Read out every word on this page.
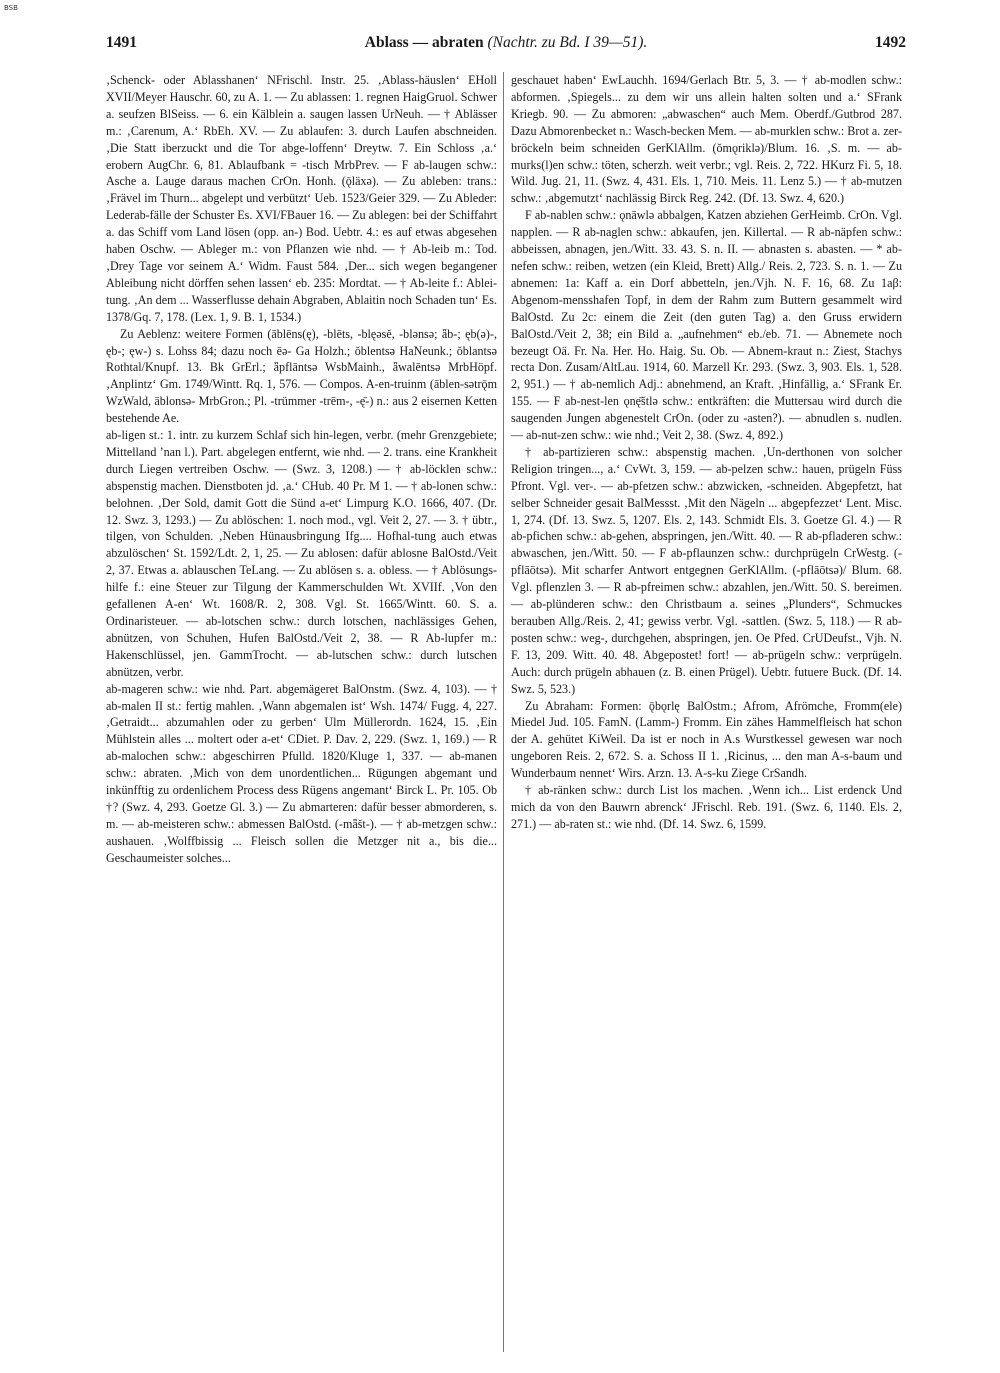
BSB
1491	Ablass — abraten (Nachtr. zu Bd. I 39—51).	1492

‚Schenck- oder Ablasshanen‘ NFrischl. Instr. 25. ‚Ablass-häuslen‘ EHoll XVII/Meyer Hauschr. 60, zu A. 1. — Zu ablassen: 1. regnen HaigGruol. Schwer a. seufzen BlSeiss. — 6. ein Kälblein a. saugen lassen UrNeuh. — † Ablässer m.: ‚Carenum, A.‘ RbEh. XV. — Zu ablaufen: 3. durch Laufen abschneiden. ‚Die Statt iberzuckt und die Tor abge-loffenn‘ Dreytw. 7. Ein Schloss ‚a.‘ erobern AugChr. 6, 81. Ablaufbank = -tisch MrbPrev. — F ab-laugen schw.: Asche a. Lauge daraus machen CrOn. Honh. (ǭläxə). — Zu ableben: trans.: ‚Frävel im Thurn... abgelept und verbützt‘ Ueb. 1523/Geier 329. — Zu Ableder: Lederab-fälle der Schuster Es. XVI/FBauer 16. — Zu ablegen: bei der Schiffahrt a. das Schiff vom Land lösen (opp. an-) Bod. Uebtr. 4.: es auf etwas abgesehen haben Oschw. — Ableger m.: von Pflanzen wie nhd. — † Ab-leib m.: Tod. ‚Drey Tage vor seinem A.‘ Widm. Faust 584. ‚Der... sich wegen begangener Ableibung nicht dörffen sehen lassen‘ eb. 235: Mordtat. — † Ab-leite f.: Ablei-tung. ‚An dem ... Wasserflusse dehain Abgraben, Ablaitin noch Schaden tun‘ Es. 1378/Gq. 7, 178. (Lex. 1, 9. B. 1, 1534.)

Zu Aeblenz: weitere Formen (āblēns(ę), -blēts, -blęəsě, -blənsə; ǟb-; ęb(ə)-, ęb-; ęw-) s. Lohss 84; dazu noch ēə- Ga Holzh.; ǒblentsə HaNeunk.; ǒblantsə Rothtal/Knupf. 13. Bk GrErl.; ǟpflāntsə WsbMainh., ǟwalēntsə MrbHöpf. ‚Anplintz‘ Gm. 1749/Wintt. Rq. 1, 576. — Compos. A-en-truinm (āblen-sətrǭm WzWald, āblonsə- MrbGron.; Pl. -trümmer -trēm-, -ę̄-) n.: aus 2 eisernen Ketten bestehende Ae.

ab-ligen st.: 1. intr. zu kurzem Schlaf sich hin-legen, verbr. (mehr Grenzgebiete; Mittelland ’nan l.). Part. abgelegen entfernt, wie nhd. — 2. trans. eine Krankheit durch Liegen vertreiben Oschw. — (Swz. 3, 1208.) — † ab-löcklen schw.: abspenstig machen. Dienstboten jd. ‚a.‘ CHub. 40 Pr. M 1. — † ab-lonen schw.: belohnen. ‚Der Sold, damit Gott die Sünd a-et‘ Limpurg K.O. 1666, 407. (Dr. 12. Swz. 3, 1293.) — Zu ablöschen: 1. noch mod., vgl. Veit 2, 27. — 3. † übtr., tilgen, von Schulden. ‚Neben Hünausbringung Ifg.... Hofhal-tung auch etwas abzulöschen‘ St. 1592/Ldt. 2, 1, 25. — Zu ablosen: dafür ablosne BalOstd./Veit 2, 37. Etwas a. ablauschen TeLang. — Zu ablösen s. a. obless. — † Ablösungs-hilfe f.: eine Steuer zur Tilgung der Kammerschulden Wt. XVIIf. ‚Von den gefallenen A-en‘ Wt. 1608/R. 2, 308. Vgl. St. 1665/Wintt. 60. S. a. Ordinaristeuer. — ab-lotschen schw.: durch lotschen, nachlässiges Gehen, abnützen, von Schuhen, Hufen BalOstd./Veit 2, 38. — R Ab-lupfer m.: Hakenschlüssel, jen. GammTrocht. — ab-lutschen schw.: durch lutschen abnützen, verbr.

ab-mageren schw.: wie nhd. Part. abgemägeret BalOnstm. (Swz. 4, 103). — † ab-malen II st.: fertig mahlen. ‚Wann abgemalen ist‘ Wsh. 1474/ Fugg. 4, 227. ‚Getraidt... abzumahlen oder zu gerben‘ Ulm Müllerordn. 1624, 15. ‚Ein Mühlstein alles ... moltert oder a-et‘ CDiet. P. Dav. 2, 229. (Swz. 1, 169.) — R ab-malochen schw.: abgeschirren Pfulld. 1820/Kluge 1, 337. — ab-manen schw.: abraten. ‚Mich von dem unordentlichen... Rügungen abgemant und inkünfftig zu ordenlichem Process dess Rügens angemant‘ Birck L. Pr. 105. Ob †? (Swz. 4, 293. Goetze Gl. 3.) — Zu abmarteren: dafür besser abmorderen, s. m. — ab-meisteren schw.: abmessen BalOstd. (-mǟšt-). — † ab-metzgen schw.: aushauen. ‚Wolffbissig ... Fleisch sollen die Metzger nit a., bis die... Geschaumeister solches...

geschauet haben‘ EwLauchh. 1694/Gerlach Btr. 5, 3. — † ab-modlen schw.: abformen. ‚Spiegels... zu dem wir uns allein halten solten und a.‘ SFrank Kriegb. 90. — Zu abmoren: „abwaschen“ auch Mem. Oberdf./Gutbrod 287. Dazu Abmorenbecket n.: Wasch-becken Mem. — ab-murklen schw.: Brot a. zer-bröckeln beim schneiden GerKlAllm. (ǒmǫriklə)/Blum. 16. ‚S. m. — ab-murks(l)en schw.: töten, scherzh. weit verbr.; vgl. Reis. 2, 722. HKurz Fi. 5, 18. Wild. Jug. 21, 11. (Swz. 4, 431. Els. 1, 710. Meis. 11. Lenz 5.) — † ab-mutzen schw.: ‚abgemutzt‘ nachlässig Birck Reg. 242. (Df. 13. Swz. 4, 620.)

F ab-nablen schw.: ǫnāwlə abbalgen, Katzen abziehen GerHeimb. CrOn. Vgl. napplen. — R ab-naglen schw.: abkaufen, jen. Killertal. — R ab-näpfen schw.: abbeissen, abnagen, jen./Witt. 33. 43. S. n. II. — abnasten s. abasten. — * ab-nefen schw.: reiben, wetzen (ein Kleid, Brett) Allg./ Reis. 2, 723. S. n. 1. — Zu abnemen: 1a: Kaff a. ein Dorf abbetteln, jen./Vjh. N. F. 16, 68. Zu 1aβ: Abgenom-mensshafen Topf, in dem der Rahm zum Buttern gesammelt wird BalOstd. Zu 2c: einem die Zeit (den guten Tag) a. den Gruss erwidern BalOstd./Veit 2, 38; ein Bild a. „aufnehmen“ eb./eb. 71. — Abnemete noch bezeugt Oä. Fr. Na. Her. Ho. Haig. Su. Ob. — Abnem-kraut n.: Ziest, Stachys recta Don. Zusam/AltLau. 1914, 60. Marzell Kr. 293. (Swz. 3, 903. Els. 1, 528. 2, 951.) — † ab-nemlich Adj.: abnehmend, an Kraft. ‚Hinfällig, a.‘ SFrank Er. 155. — F ab-nest-len ǫnę̄štlə schw.: entkräften: die Muttersau wird durch die saugenden Jungen abgenestelt CrOn. (oder zu -asten?). — abnudlen s. nudlen. — ab-nut-zen schw.: wie nhd.; Veit 2, 38. (Swz. 4, 892.)

† ab-partizieren schw.: abspenstig machen. ‚Un-derthonen von solcher Religion tringen..., a.‘ CvWt. 3, 159. — ab-pelzen schw.: hauen, prügeln Füss Pfront. Vgl. ver-. — ab-pfetzen schw.: abzwicken, -schneiden. Abgepfetzt, hat selber Schneider gesait BalMessst. ‚Mit den Nägeln ... abgepfezzet‘ Lent. Misc. 1, 274. (Df. 13. Swz. 5, 1207. Els. 2, 143. Schmidt Els. 3. Goetze Gl. 4.) — R ab-pfichen schw.: ab-gehen, abspringen, jen./Witt. 40. — R ab-pfladeren schw.: abwaschen, jen./Witt. 50. — F ab-pflaunzen schw.: durchprügeln CrWestg. (-pflāōtsə). Mit scharfer Antwort entgegnen GerKlAllm. (-pflāōtsə)/ Blum. 68. Vgl. pflenzlen 3. — R ab-pfreimen schw.: abzahlen, jen./Witt. 50. S. bereimen. — ab-plünderen schw.: den Christbaum a. seines „Plunders“, Schmuckes berauben Allg./Reis. 2, 41; gewiss verbr. Vgl. -sattlen. (Swz. 5, 118.) — R ab-posten schw.: weg-, durchgehen, abspringen, jen. Oe Pfed. CrUDeufst., Vjh. N. F. 13, 209. Witt. 40. 48. Abgepostet! fort! — ab-prügeln schw.: verprügeln. Auch: durch prügeln abhauen (z. B. einen Prügel). Uebtr. futuere Buck. (Df. 14. Swz. 5, 523.)

Zu Abraham: Formen: ǭbǫrlę BalOstm.; Afrom, Afrömche, Fromm(ele) Miedel Jud. 105. FamN. (Lamm-) Fromm. Ein zähes Hammelfleisch hat schon der A. gehütet KiWeil. Da ist er noch in A.s Wurstkessel gewesen war noch ungeboren Reis. 2, 672. S. a. Schoss II 1. ‚Ricinus, ... den man A-s-baum und Wunderbaum nennet‘ Wirs. Arzn. 13. A-s-ku Ziege CrSandh.

† ab-ränken schw.: durch List los machen. ‚Wenn ich... List erdenck Und mich da von den Bauwrn abrenck‘ JFrischl. Reb. 191. (Swz. 6, 1140. Els. 2, 271.) — ab-raten st.: wie nhd. (Df. 14. Swz. 6, 1599.
